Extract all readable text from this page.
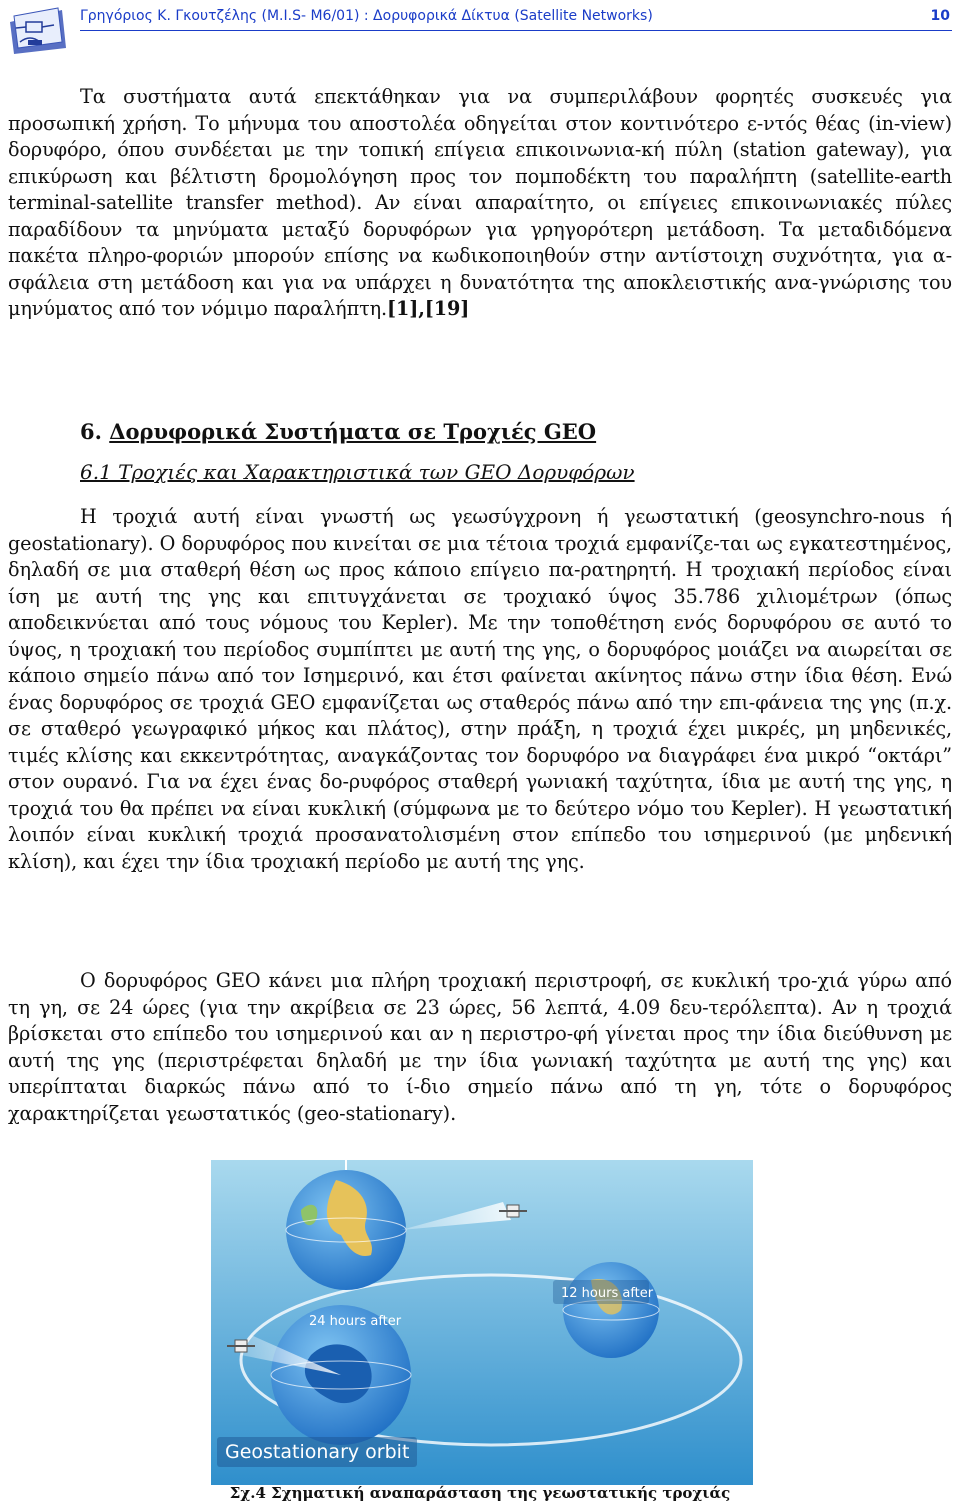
Γρηγόριος Κ. Γκουτζέλης (Μ.Ι.S- M6/01) : Δορυφορικά Δίκτυα (Satellite Networks)	10
Τα συστήματα αυτά επεκτάθηκαν για να συμπεριλάβουν φορητές συσκευές για προσωπική χρήση. Το μήνυμα του αποστολέα οδηγείται στον κοντινότερο ε-ντός θέας (in-view) δορυφόρο, όπου συνδέεται με την τοπική επίγεια επικοινωνια-κή πύλη (station gateway), για επικύρωση και βέλτιστη δρομολόγηση προς τον πομποδέκτη του παραλήπτη (satellite-earth terminal-satellite transfer method). Αν είναι απαραίτητο, οι επίγειες επικοινωνιακές πύλες παραδίδουν τα μηνύματα μεταξύ δορυφόρων για γρηγορότερη μετάδοση. Τα μεταδιδόμενα πακέτα πληρο-φοριών μπορούν επίσης να κωδικοποιηθούν στην αντίστοιχη συχνότητα, για α-σφάλεια στη μετάδοση και για να υπάρχει η δυνατότητα της αποκλειστικής ανα-γνώρισης του μηνύματος από τον νόμιμο παραλήπτη.[1],[19]
6. Δορυφορικά Συστήματα σε Τροχιές GEO
6.1 Τροχιές και Χαρακτηριστικά των GEO Δορυφόρων
Η τροχιά αυτή είναι γνωστή ως γεωσύγχρονη ή γεωστατική (geosynchro-nous ή geostationary). Ο δορυφόρος που κινείται σε μια τέτοια τροχιά εμφανίζε-ται ως εγκατεστημένος, δηλαδή σε μια σταθερή θέση ως προς κάποιο επίγειο πα-ρατηρητή. Η τροχιακή περίοδος είναι ίση με αυτή της γης και επιτυγχάνεται σε τροχιακό ύψος 35.786 χιλιομέτρων (όπως αποδεικνύεται από τους νόμους του Kepler). Με την τοποθέτηση ενός δορυφόρου σε αυτό το ύψος, η τροχιακή του περίοδος συμπίπτει με αυτή της γης, ο δορυφόρος μοιάζει να αιωρείται σε κάποιο σημείο πάνω από τον Ισημερινό, και έτσι φαίνεται ακίνητος πάνω στην ίδια θέση. Ενώ ένας δορυφόρος σε τροχιά GEO εμφανίζεται ως σταθερός πάνω από την επι-φάνεια της γης (π.χ. σε σταθερό γεωγραφικό μήκος και πλάτος), στην πράξη, η τροχιά έχει μικρές, μη μηδενικές, τιμές κλίσης και εκκεντρότητας, αναγκάζοντας τον δορυφόρο να διαγράφει ένα μικρό “οκτάρι” στον ουρανό. Για να έχει ένας δο-ρυφόρος σταθερή γωνιακή ταχύτητα, ίδια με αυτή της γης, η τροχιά του θα πρέπει να είναι κυκλική (σύμφωνα με το δεύτερο νόμο του Kepler). Η γεωστατική λοιπόν είναι κυκλική τροχιά προσανατολισμένη στον επίπεδο του ισημερινού (με μηδενική κλίση), και έχει την ίδια τροχιακή περίοδο με αυτή της γης.
Ο δορυφόρος GEO κάνει μια πλήρη τροχιακή περιστροφή, σε κυκλική τρο-χιά γύρω από τη γη, σε 24 ώρες (για την ακρίβεια σε 23 ώρες, 56 λεπτά, 4.09 δευ-τερόλεπτα). Αν η τροχιά βρίσκεται στο επίπεδο του ισημερινού και αν η περιστρο-φή γίνεται προς την ίδια διεύθυνση με αυτή της γης (περιστρέφεται δηλαδή με την ίδια γωνιακή ταχύτητα με αυτή της γης) και υπερίπταται διαρκώς πάνω από το ί-διο σημείο πάνω από τη γη, τότε ο δορυφόρος χαρακτηρίζεται γεωστατικός (geo-stationary).
12 hours after
24 hours after
Geostationary orbit
Σχ.4 Σχηματική αναπαράσταση της γεωστατικής τροχιάς
